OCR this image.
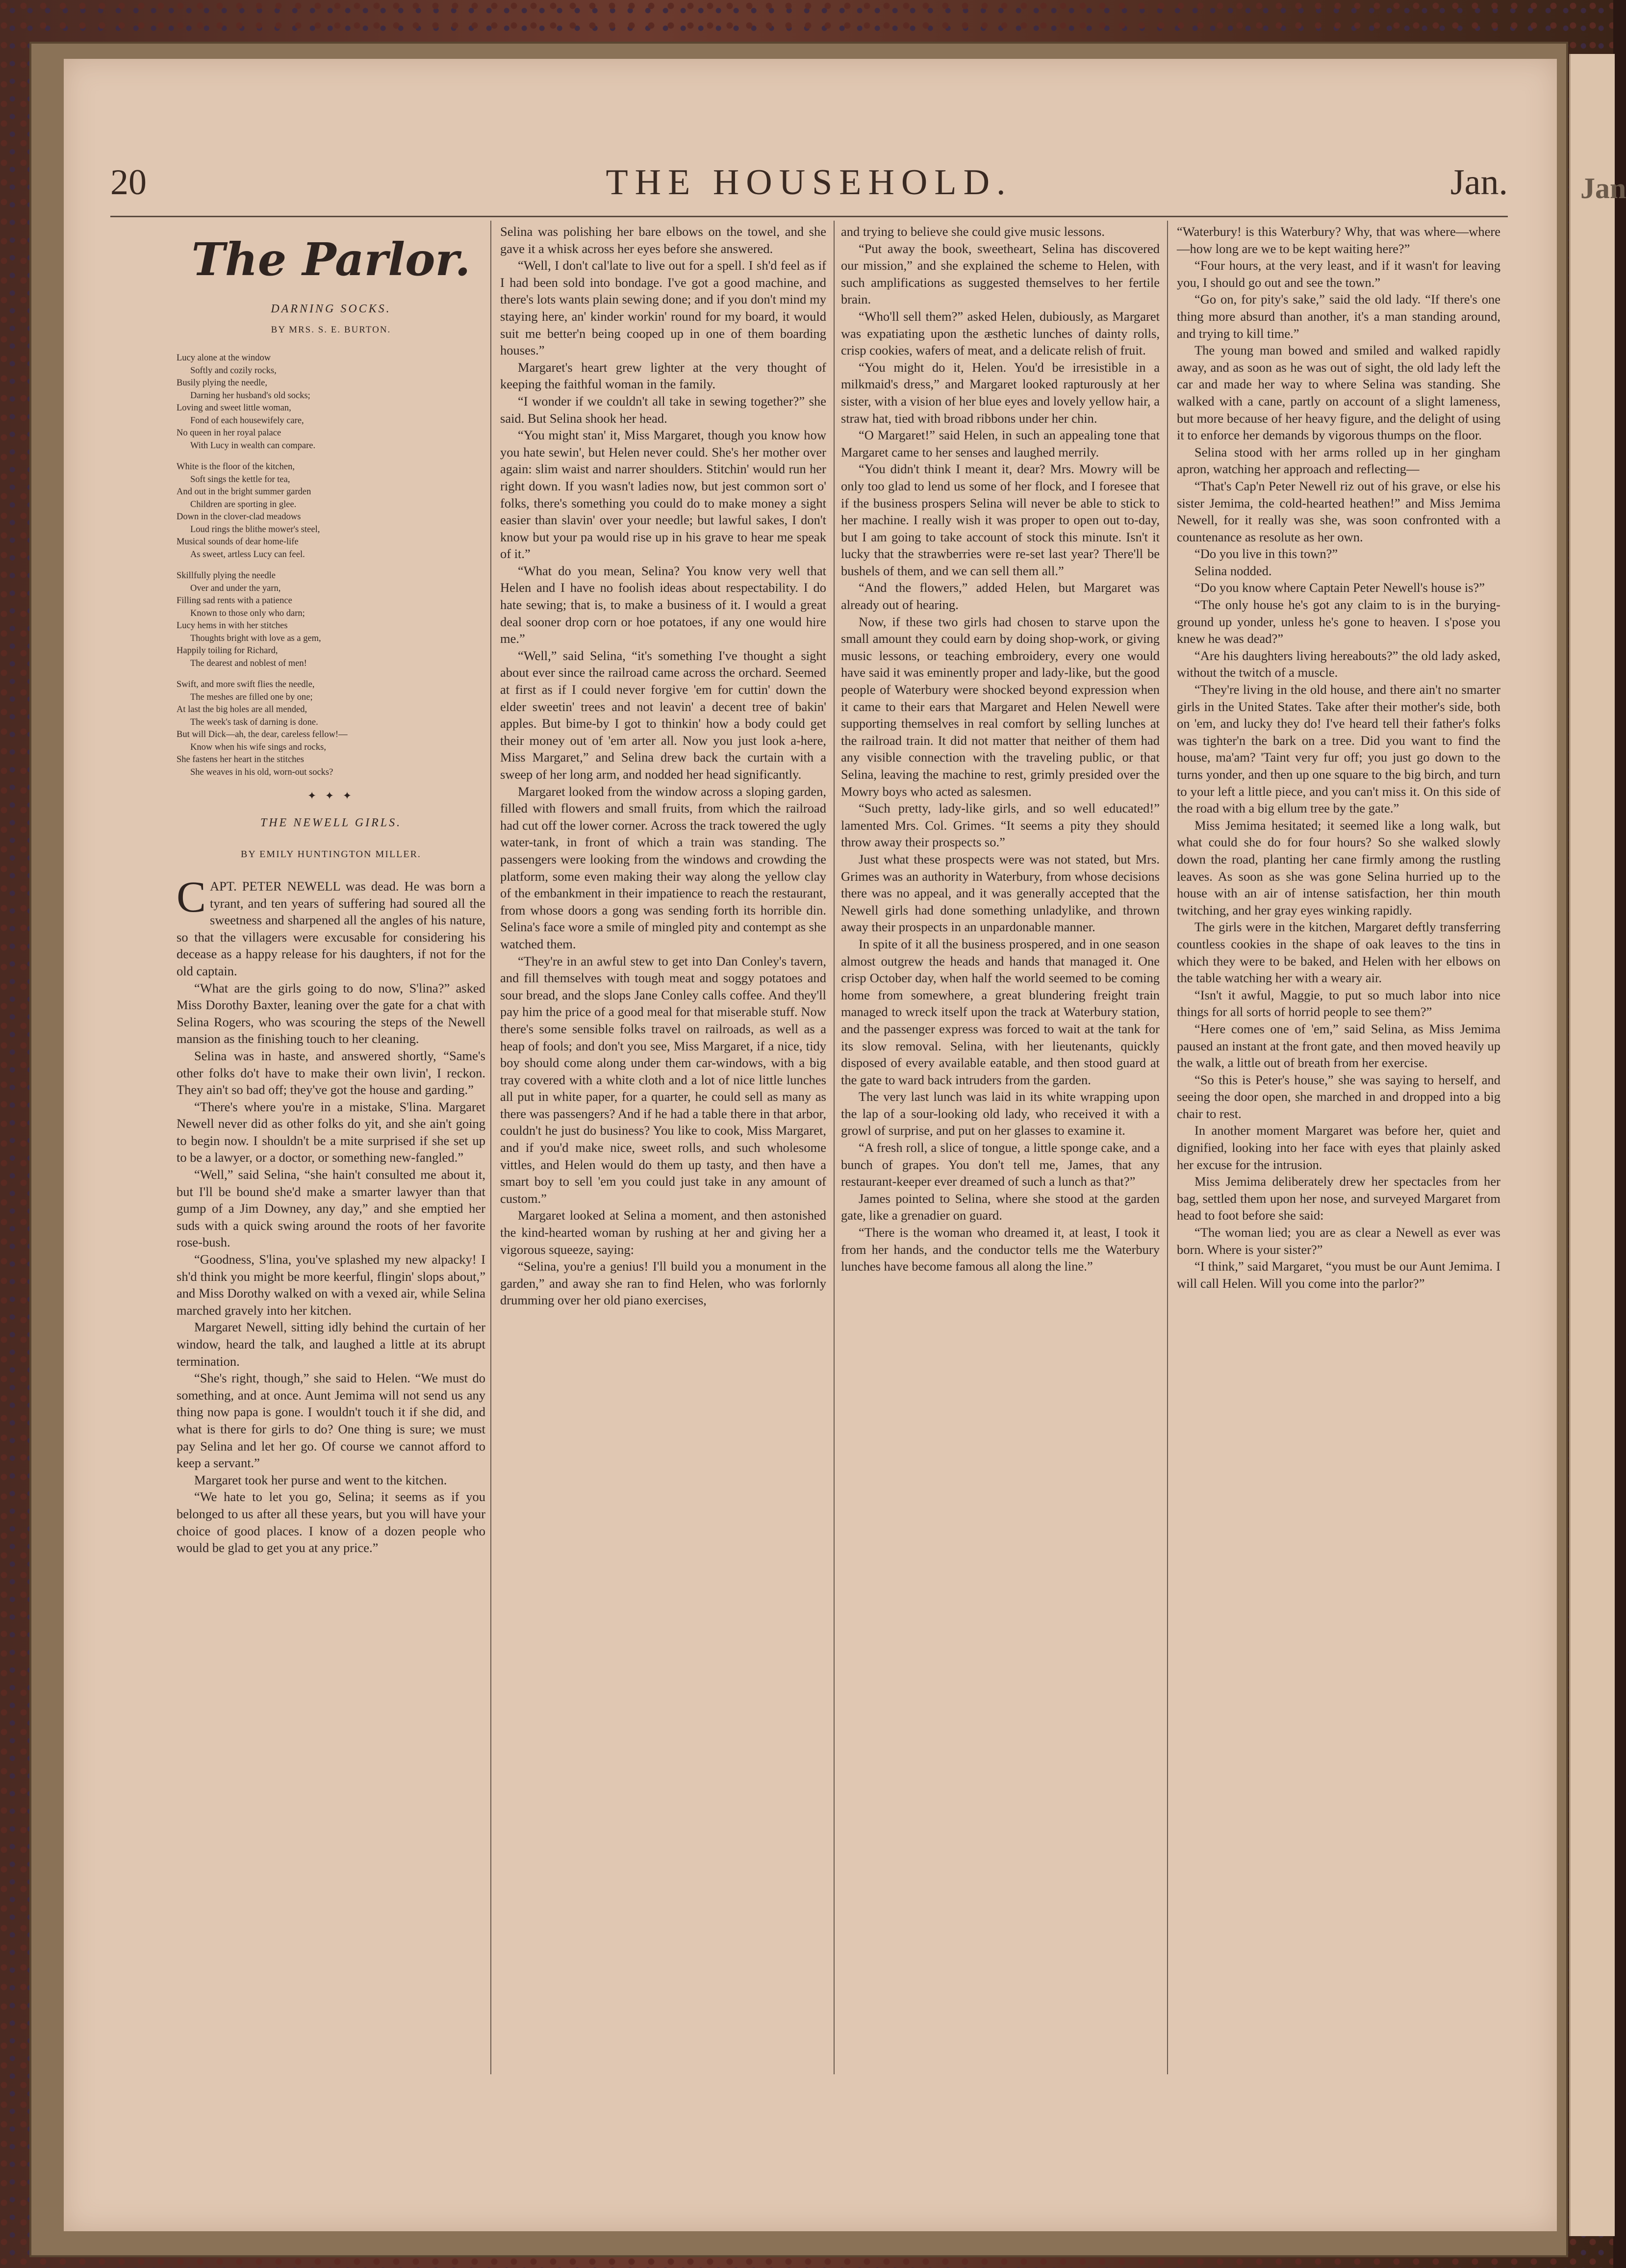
Jan
20	THE HOUSEHOLD.	Jan.
The Parlor.
DARNING SOCKS.
BY MRS. S. E. BURTON.
Lucy alone at the window
Softly and cozily rocks,
Busily plying the needle,
Darning her husband's old socks;
Loving and sweet little woman,
Fond of each housewifely care,
No queen in her royal palace
With Lucy in wealth can compare.
White is the floor of the kitchen,
Soft sings the kettle for tea,
And out in the bright summer garden
Children are sporting in glee.
Down in the clover-clad meadows
Loud rings the blithe mower's steel,
Musical sounds of dear home-life
As sweet, artless Lucy can feel.
Skillfully plying the needle
Over and under the yarn,
Filling sad rents with a patience
Known to those only who darn;
Lucy hems in with her stitches
Thoughts bright with love as a gem,
Happily toiling for Richard,
The dearest and noblest of men!
Swift, and more swift flies the needle,
The meshes are filled one by one;
At last the big holes are all mended,
The week's task of darning is done.
But will Dick—ah, the dear, careless fellow!—
Know when his wife sings and rocks,
She fastens her heart in the stitches
She weaves in his old, worn-out socks?
✦ ✦ ✦
THE NEWELL GIRLS.
BY EMILY HUNTINGTON MILLER.

CAPT. PETER NEWELL was dead. He was born a tyrant, and ten years of suffering had soured all the sweetness and sharpened all the angles of his nature, so that the villagers were excusable for considering his decease as a happy release for his daughters, if not for the old captain.

“What are the girls going to do now, S'lina?” asked Miss Dorothy Baxter, leaning over the gate for a chat with Selina Rogers, who was scouring the steps of the Newell mansion as the finishing touch to her cleaning.

Selina was in haste, and answered shortly, “Same's other folks do't have to make their own livin', I reckon. They ain't so bad off; they've got the house and garding.”

“There's where you're in a mistake, S'lina. Margaret Newell never did as other folks do yit, and she ain't going to begin now. I shouldn't be a mite surprised if she set up to be a lawyer, or a doctor, or something new-fangled.”

“Well,” said Selina, “she hain't consulted me about it, but I'll be bound she'd make a smarter lawyer than that gump of a Jim Downey, any day,” and she emptied her suds with a quick swing around the roots of her favorite rose-bush.

“Goodness, S'lina, you've splashed my new alpacky! I sh'd think you might be more keerful, flingin' slops about,” and Miss Dorothy walked on with a vexed air, while Selina marched gravely into her kitchen.

Margaret Newell, sitting idly behind the curtain of her window, heard the talk, and laughed a little at its abrupt termination.

“She's right, though,” she said to Helen. “We must do something, and at once. Aunt Jemima will not send us any thing now papa is gone. I wouldn't touch it if she did, and what is there for girls to do? One thing is sure; we must pay Selina and let her go. Of course we cannot afford to keep a servant.”

Margaret took her purse and went to the kitchen.

“We hate to let you go, Selina; it seems as if you belonged to us after all these years, but you will have your choice of good places. I know of a dozen people who would be glad to get you at any price.”

Selina was polishing her bare elbows on the towel, and she gave it a whisk across her eyes before she answered.

“Well, I don't cal'late to live out for a spell. I sh'd feel as if I had been sold into bondage. I've got a good machine, and there's lots wants plain sewing done; and if you don't mind my staying here, an' kinder workin' round for my board, it would suit me better'n being cooped up in one of them boarding houses.”

Margaret's heart grew lighter at the very thought of keeping the faithful woman in the family.

“I wonder if we couldn't all take in sewing together?” she said. But Selina shook her head.

“You might stan' it, Miss Margaret, though you know how you hate sewin', but Helen never could. She's her mother over again: slim waist and narrer shoulders. Stitchin' would run her right down. If you wasn't ladies now, but jest common sort o' folks, there's something you could do to make money a sight easier than slavin' over your needle; but lawful sakes, I don't know but your pa would rise up in his grave to hear me speak of it.”

“What do you mean, Selina? You know very well that Helen and I have no foolish ideas about respectability. I do hate sewing; that is, to make a business of it. I would a great deal sooner drop corn or hoe potatoes, if any one would hire me.”

“Well,” said Selina, “it's something I've thought a sight about ever since the railroad came across the orchard. Seemed at first as if I could never forgive 'em for cuttin' down the elder sweetin' trees and not leavin' a decent tree of bakin' apples. But bime-by I got to thinkin' how a body could get their money out of 'em arter all. Now you just look a-here, Miss Margaret,” and Selina drew back the curtain with a sweep of her long arm, and nodded her head significantly.

Margaret looked from the window across a sloping garden, filled with flowers and small fruits, from which the railroad had cut off the lower corner. Across the track towered the ugly water-tank, in front of which a train was standing. The passengers were looking from the windows and crowding the platform, some even making their way along the yellow clay of the embankment in their impatience to reach the restaurant, from whose doors a gong was sending forth its horrible din. Selina's face wore a smile of mingled pity and contempt as she watched them.

“They're in an awful stew to get into Dan Conley's tavern, and fill themselves with tough meat and soggy potatoes and sour bread, and the slops Jane Conley calls coffee. And they'll pay him the price of a good meal for that miserable stuff. Now there's some sensible folks travel on railroads, as well as a heap of fools; and don't you see, Miss Margaret, if a nice, tidy boy should come along under them car-windows, with a big tray covered with a white cloth and a lot of nice little lunches all put in white paper, for a quarter, he could sell as many as there was passengers? And if he had a table there in that arbor, couldn't he just do business? You like to cook, Miss Margaret, and if you'd make nice, sweet rolls, and such wholesome vittles, and Helen would do them up tasty, and then have a smart boy to sell 'em you could just take in any amount of custom.”

Margaret looked at Selina a moment, and then astonished the kind-hearted woman by rushing at her and giving her a vigorous squeeze, saying:

“Selina, you're a genius! I'll build you a monument in the garden,” and away she ran to find Helen, who was forlornly drumming over her old piano exercises,

and trying to believe she could give music lessons.

“Put away the book, sweetheart, Selina has discovered our mission,” and she explained the scheme to Helen, with such amplifications as suggested themselves to her fertile brain.

“Who'll sell them?” asked Helen, dubiously, as Margaret was expatiating upon the æsthetic lunches of dainty rolls, crisp cookies, wafers of meat, and a delicate relish of fruit.

“You might do it, Helen. You'd be irresistible in a milkmaid's dress,” and Margaret looked rapturously at her sister, with a vision of her blue eyes and lovely yellow hair, a straw hat, tied with broad ribbons under her chin.

“O Margaret!” said Helen, in such an appealing tone that Margaret came to her senses and laughed merrily.

“You didn't think I meant it, dear? Mrs. Mowry will be only too glad to lend us some of her flock, and I foresee that if the business prospers Selina will never be able to stick to her machine. I really wish it was proper to open out to-day, but I am going to take account of stock this minute. Isn't it lucky that the strawberries were re-set last year? There'll be bushels of them, and we can sell them all.”

“And the flowers,” added Helen, but Margaret was already out of hearing.

Now, if these two girls had chosen to starve upon the small amount they could earn by doing shop-work, or giving music lessons, or teaching embroidery, every one would have said it was eminently proper and lady-like, but the good people of Waterbury were shocked beyond expression when it came to their ears that Margaret and Helen Newell were supporting themselves in real comfort by selling lunches at the railroad train. It did not matter that neither of them had any visible connection with the traveling public, or that Selina, leaving the machine to rest, grimly presided over the Mowry boys who acted as salesmen.

“Such pretty, lady-like girls, and so well educated!” lamented Mrs. Col. Grimes. “It seems a pity they should throw away their prospects so.”

Just what these prospects were was not stated, but Mrs. Grimes was an authority in Waterbury, from whose decisions there was no appeal, and it was generally accepted that the Newell girls had done something unladylike, and thrown away their prospects in an unpardonable manner.

In spite of it all the business prospered, and in one season almost outgrew the heads and hands that managed it. One crisp October day, when half the world seemed to be coming home from somewhere, a great blundering freight train managed to wreck itself upon the track at Waterbury station, and the passenger express was forced to wait at the tank for its slow removal. Selina, with her lieutenants, quickly disposed of every available eatable, and then stood guard at the gate to ward back intruders from the garden.

The very last lunch was laid in its white wrapping upon the lap of a sour-looking old lady, who received it with a growl of surprise, and put on her glasses to examine it.

“A fresh roll, a slice of tongue, a little sponge cake, and a bunch of grapes. You don't tell me, James, that any restaurant-keeper ever dreamed of such a lunch as that?”

James pointed to Selina, where she stood at the garden gate, like a grenadier on guard.

“There is the woman who dreamed it, at least, I took it from her hands, and the conductor tells me the Waterbury lunches have become famous all along the line.”

“Waterbury! is this Waterbury? Why, that was where—where—how long are we to be kept waiting here?”

“Four hours, at the very least, and if it wasn't for leaving you, I should go out and see the town.”

“Go on, for pity's sake,” said the old lady. “If there's one thing more absurd than another, it's a man standing around, and trying to kill time.”

The young man bowed and smiled and walked rapidly away, and as soon as he was out of sight, the old lady left the car and made her way to where Selina was standing. She walked with a cane, partly on account of a slight lameness, but more because of her heavy figure, and the delight of using it to enforce her demands by vigorous thumps on the floor.

Selina stood with her arms rolled up in her gingham apron, watching her approach and reflecting—

“That's Cap'n Peter Newell riz out of his grave, or else his sister Jemima, the cold-hearted heathen!” and Miss Jemima Newell, for it really was she, was soon confronted with a countenance as resolute as her own.

“Do you live in this town?”

Selina nodded.

“Do you know where Captain Peter Newell's house is?”

“The only house he's got any claim to is in the burying-ground up yonder, unless he's gone to heaven. I s'pose you knew he was dead?”

“Are his daughters living hereabouts?” the old lady asked, without the twitch of a muscle.

“They're living in the old house, and there ain't no smarter girls in the United States. Take after their mother's side, both on 'em, and lucky they do! I've heard tell their father's folks was tighter'n the bark on a tree. Did you want to find the house, ma'am? 'Taint very fur off; you just go down to the turns yonder, and then up one square to the big birch, and turn to your left a little piece, and you can't miss it. On this side of the road with a big ellum tree by the gate.”

Miss Jemima hesitated; it seemed like a long walk, but what could she do for four hours? So she walked slowly down the road, planting her cane firmly among the rustling leaves. As soon as she was gone Selina hurried up to the house with an air of intense satisfaction, her thin mouth twitching, and her gray eyes winking rapidly.

The girls were in the kitchen, Margaret deftly transferring countless cookies in the shape of oak leaves to the tins in which they were to be baked, and Helen with her elbows on the table watching her with a weary air.

“Isn't it awful, Maggie, to put so much labor into nice things for all sorts of horrid people to see them?”

“Here comes one of 'em,” said Selina, as Miss Jemima paused an instant at the front gate, and then moved heavily up the walk, a little out of breath from her exercise.

“So this is Peter's house,” she was saying to herself, and seeing the door open, she marched in and dropped into a big chair to rest.

In another moment Margaret was before her, quiet and dignified, looking into her face with eyes that plainly asked her excuse for the intrusion.

Miss Jemima deliberately drew her spectacles from her bag, settled them upon her nose, and surveyed Margaret from head to foot before she said:

“The woman lied; you are as clear a Newell as ever was born. Where is your sister?”

“I think,” said Margaret, “you must be our Aunt Jemima. I will call Helen. Will you come into the parlor?”
